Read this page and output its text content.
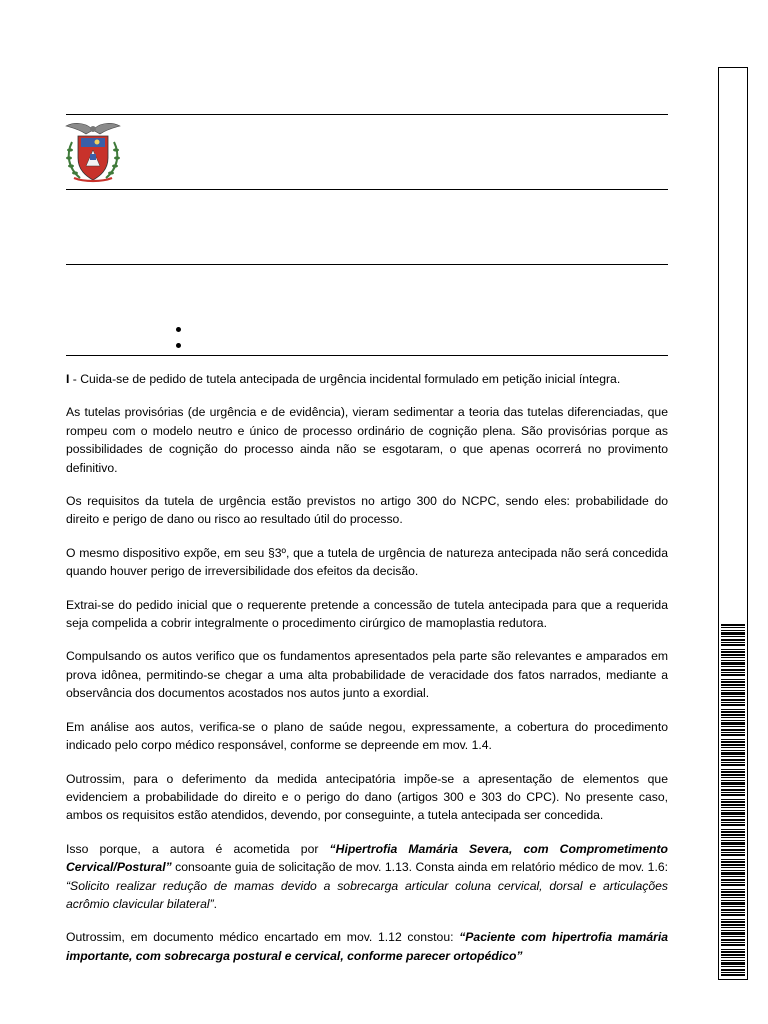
I - Cuida-se de pedido de tutela antecipada de urgência incidental formulado em petição inicial íntegra.

As tutelas provisórias (de urgência e de evidência), vieram sedimentar a teoria das tutelas diferenciadas, que rompeu com o modelo neutro e único de processo ordinário de cognição plena. São provisórias porque as possibilidades de cognição do processo ainda não se esgotaram, o que apenas ocorrerá no provimento definitivo.

Os requisitos da tutela de urgência estão previstos no artigo 300 do NCPC, sendo eles: probabilidade do direito e perigo de dano ou risco ao resultado útil do processo.

O mesmo dispositivo expõe, em seu §3º, que a tutela de urgência de natureza antecipada não será concedida quando houver perigo de irreversibilidade dos efeitos da decisão.

Extrai-se do pedido inicial que o requerente pretende a concessão de tutela antecipada para que a requerida seja compelida a cobrir integralmente o procedimento cirúrgico de mamoplastia redutora.

Compulsando os autos verifico que os fundamentos apresentados pela parte são relevantes e amparados em prova idônea, permitindo-se chegar a uma alta probabilidade de veracidade dos fatos narrados, mediante a observância dos documentos acostados nos autos junto a exordial.

Em análise aos autos, verifica-se o plano de saúde negou, expressamente, a cobertura do procedimento indicado pelo corpo médico responsável, conforme se depreende em mov. 1.4.

Outrossim, para o deferimento da medida antecipatória impõe-se a apresentação de elementos que evidenciem a probabilidade do direito e o perigo do dano (artigos 300 e 303 do CPC). No presente caso, ambos os requisitos estão atendidos, devendo, por conseguinte, a tutela antecipada ser concedida.

Isso porque, a autora é acometida por “Hipertrofia Mamária Severa, com Comprometimento Cervical/Postural” consoante guia de solicitação de mov. 1.13. Consta ainda em relatório médico de mov. 1.6: “Solicito realizar redução de mamas devido a sobrecarga articular coluna cervical, dorsal e articulações acrômio clavicular bilateral”.

Outrossim, em documento médico encartado em mov. 1.12 constou: “Paciente com hipertrofia mamária importante, com sobrecarga postural e cervical, conforme parecer ortopédico”
